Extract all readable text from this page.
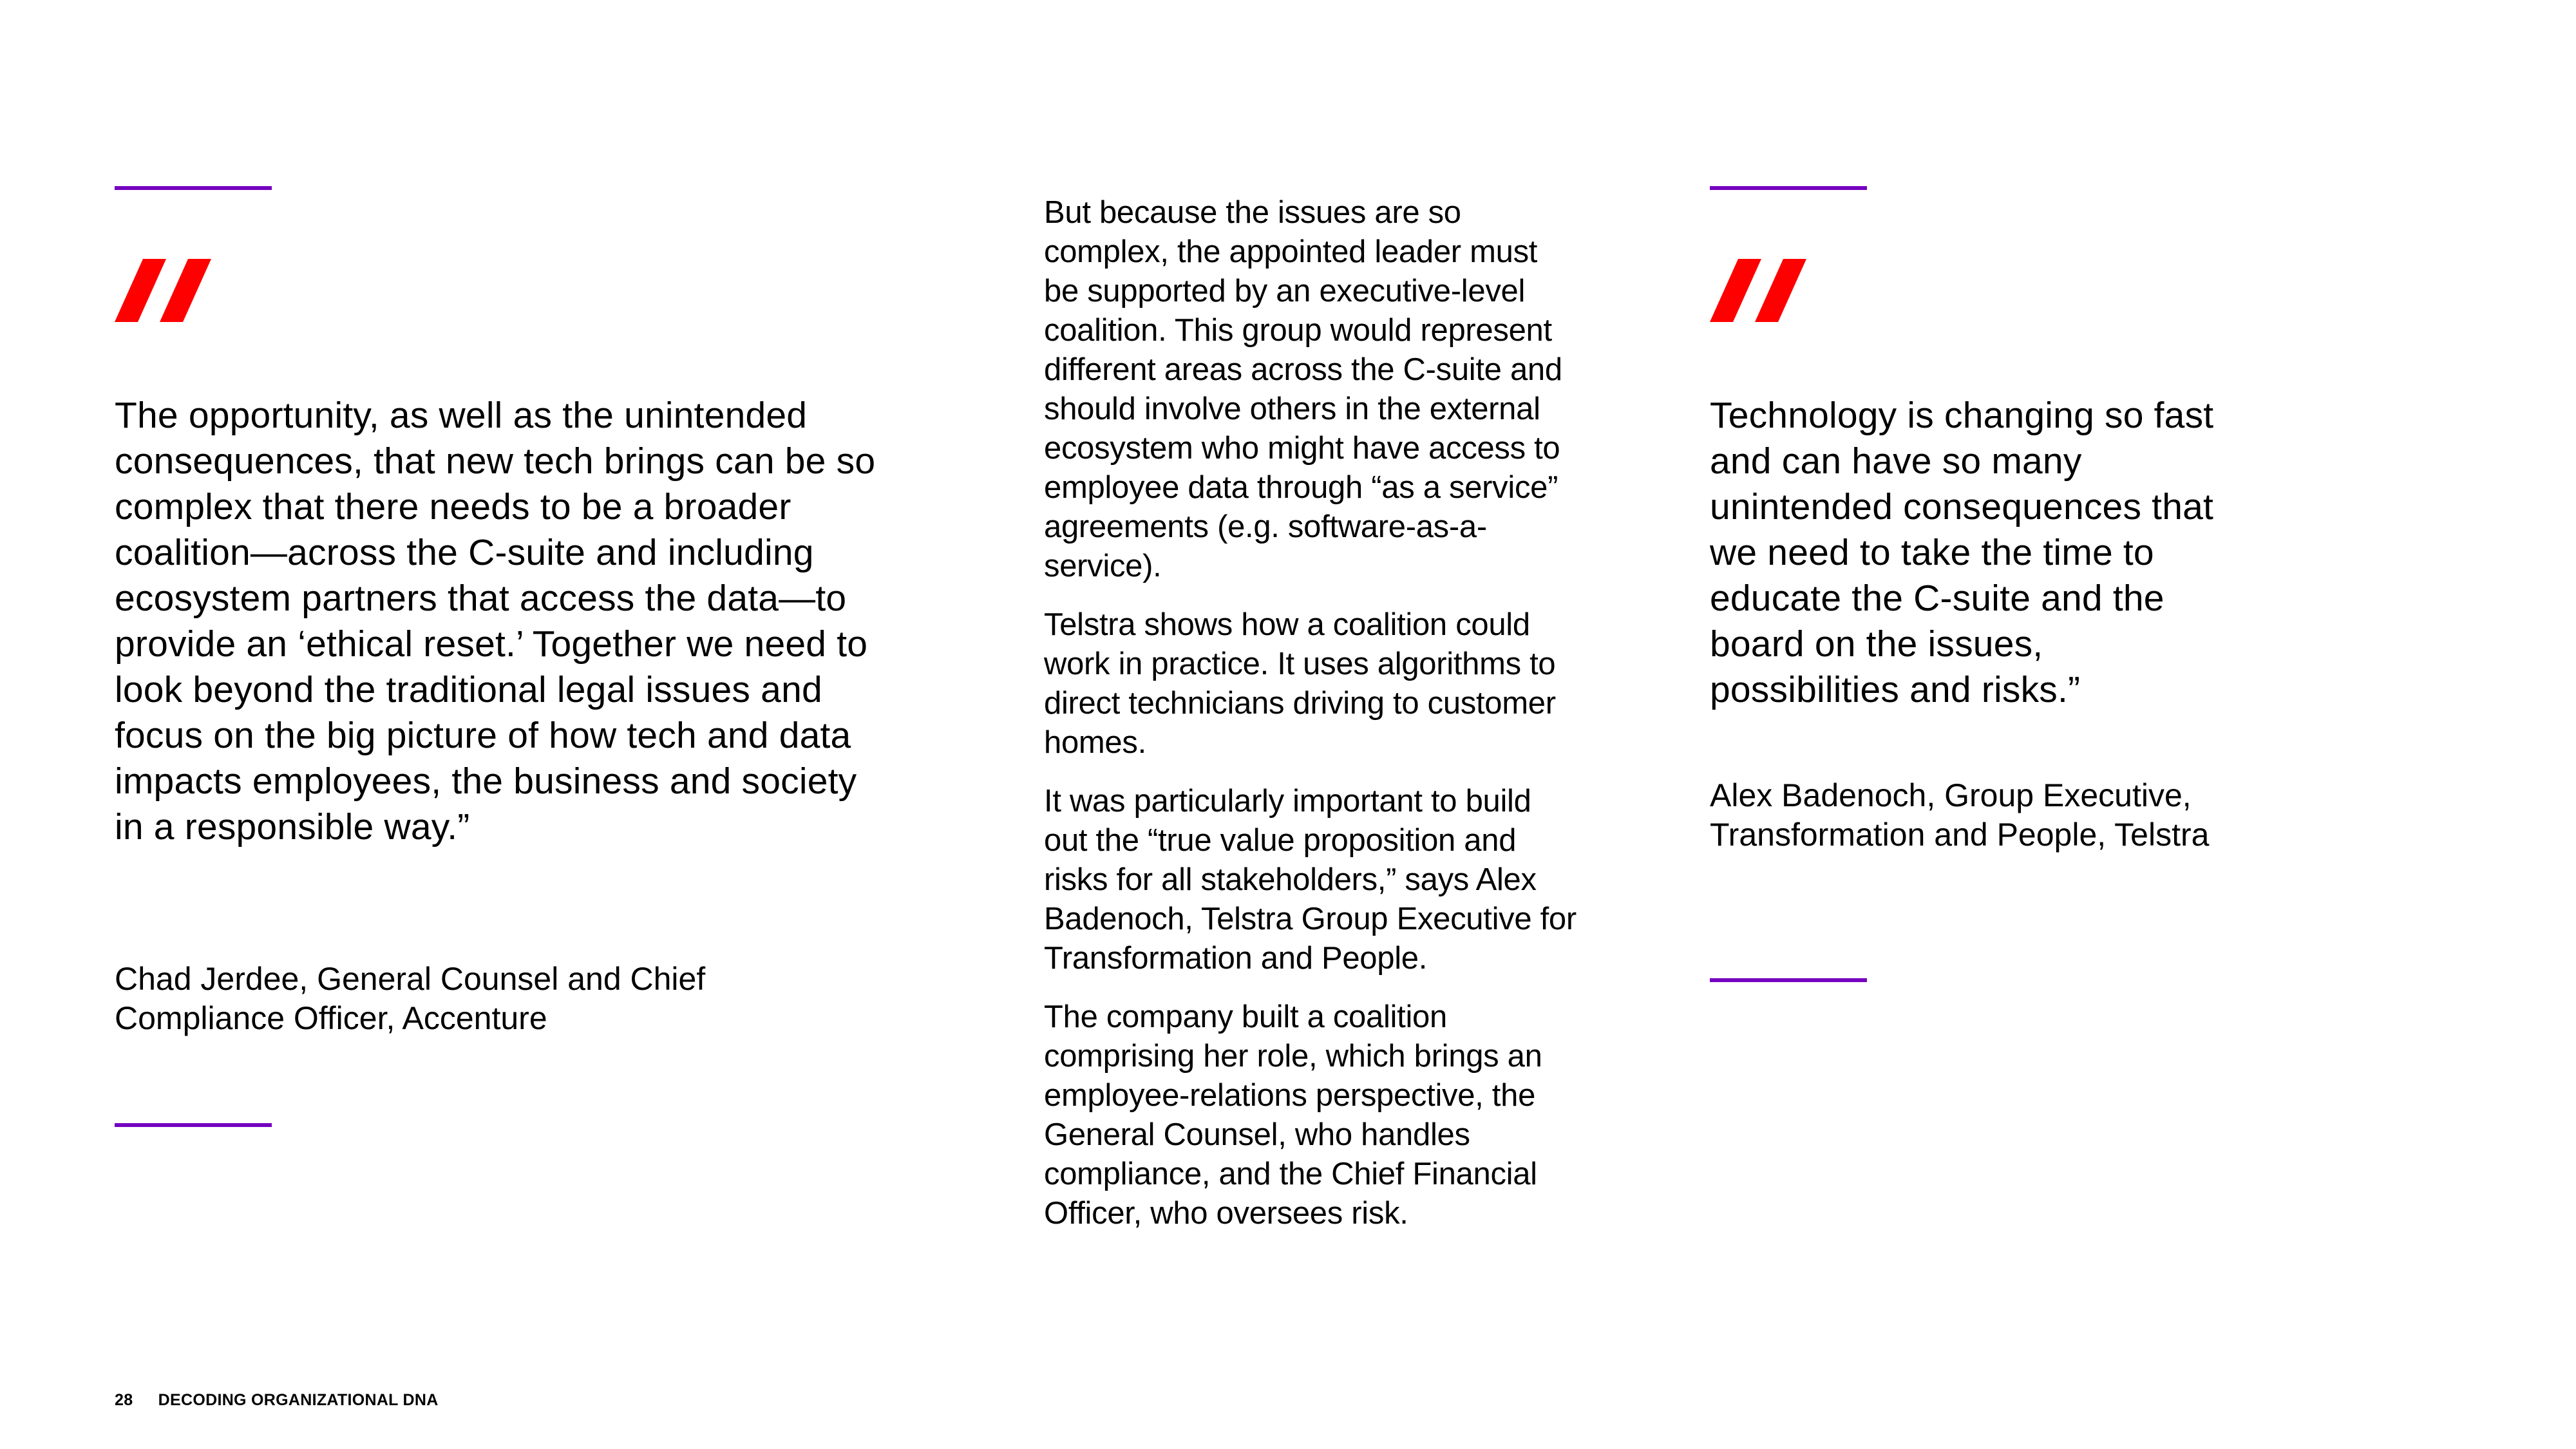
The opportunity, as well as the unintended consequences, that new tech brings can be so complex that there needs to be a broader coalition—across the C-suite and including ecosystem partners that access the data—to provide an ‘ethical reset.’ Together we need to look beyond the traditional legal issues and focus on the big picture of how tech and data impacts employees, the business and society in a responsible way.”
Chad Jerdee, General Counsel and Chief Compliance Officer, Accenture

But because the issues are so complex, the appointed leader must be supported by an executive-level coalition. This group would represent different areas across the C-suite and should involve others in the external ecosystem who might have access to employee data through “as a service” agreements (e.g. software-as-a-service).

Telstra shows how a coalition could work in practice. It uses algorithms to direct technicians driving to customer homes.

It was particularly important to build out the “true value proposition and risks for all stakeholders,” says Alex Badenoch, Telstra Group Executive for Transformation and People.

The company built a coalition comprising her role, which brings an employee-relations perspective, the General Counsel, who handles compliance, and the Chief Financial Officer, who oversees risk.

Technology is changing so fast and can have so many unintended consequences that we need to take the time to educate the C-suite and the board on the issues, possibilities and risks.”
Alex Badenoch, Group Executive, Transformation and People, Telstra
28 DECODING ORGANIZATIONAL DNA
